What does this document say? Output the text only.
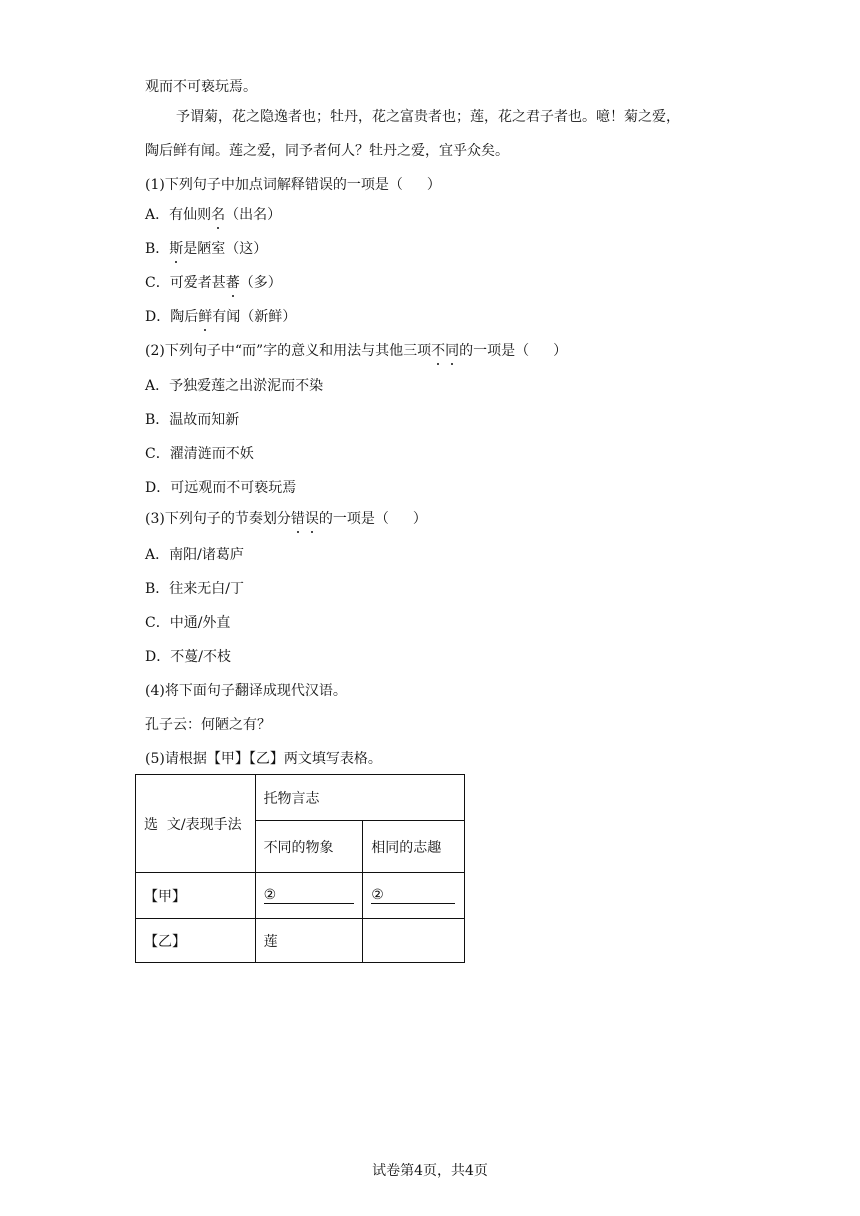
观而不可亵玩焉。
予谓菊，花之隐逸者也；牡丹，花之富贵者也；莲，花之君子者也。噫！菊之爱，
陶后鲜有闻。莲之爱，同予者何人？牡丹之爱，宜乎众矣。
(1)下列句子中加点词解释错误的一项是（ ）
A．有仙则名（出名）
B．斯是陋室（这）
C．可爱者甚蕃（多）
D．陶后鲜有闻（新鲜）
(2)下列句子中“而”字的意义和用法与其他三项不同的一项是（ ）
A．予独爱莲之出淤泥而不染
B．温故而知新
C．濯清涟而不妖
D．可远观而不可亵玩焉
(3)下列句子的节奏划分错误的一项是（ ）
A．南阳/诸葛庐
B．往来无白/丁
C．中通/外直
D．不蔓/不枝
(4)将下面句子翻译成现代汉语。
孔子云：何陋之有？
(5)请根据【甲】【乙】两文填写表格。
选  文/表现手法	托物言志	
	不同的物象	相同的志趣
【甲】	②	②
【乙】	莲	
试卷第4页，共4页
